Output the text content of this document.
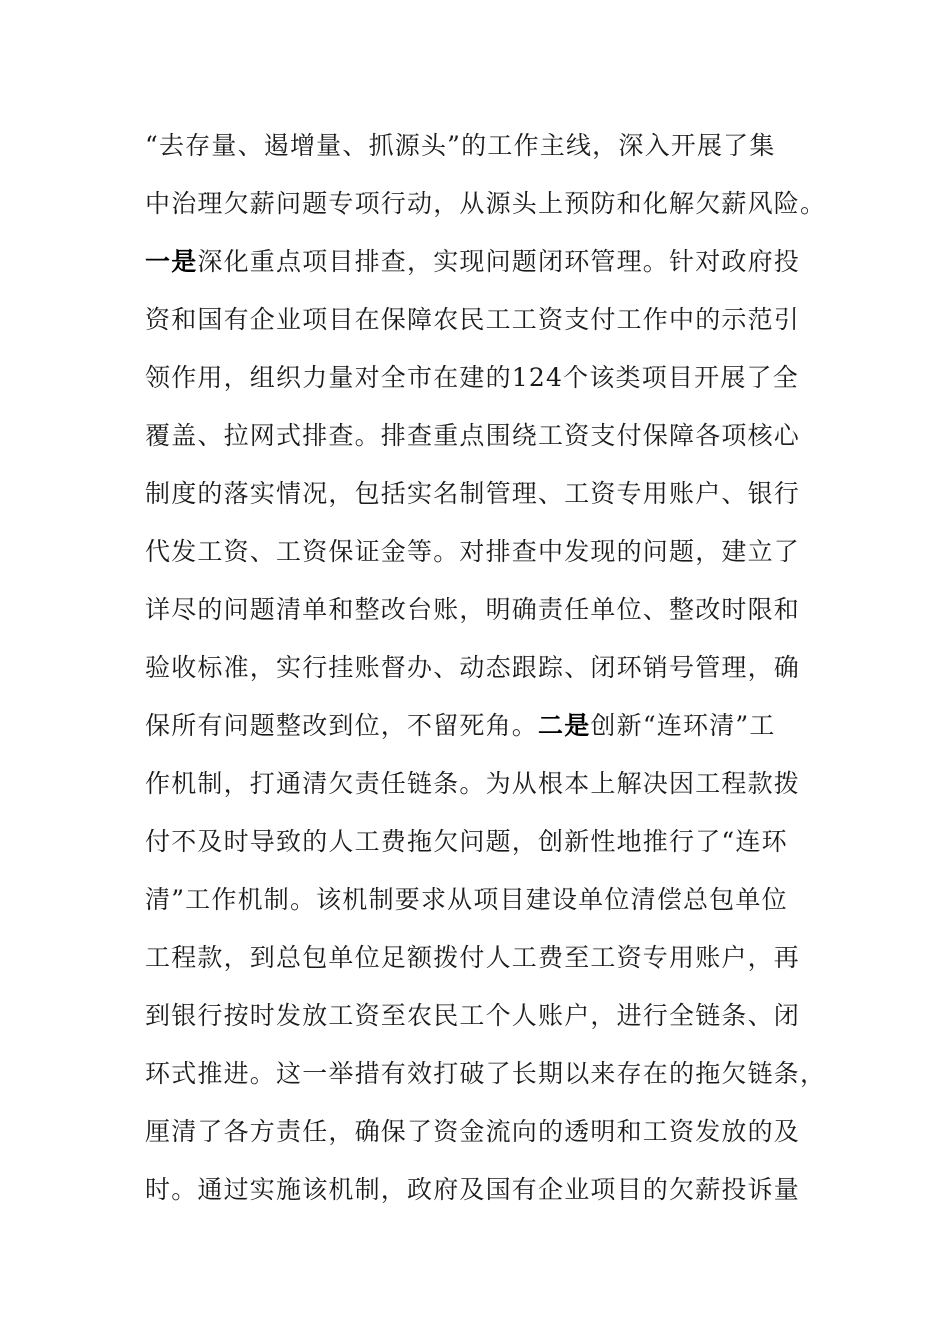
“去存量、遏增量、抓源头”的工作主线，深入开展了集
中治理欠薪问题专项行动，从源头上预防和化解欠薪风险。
一是深化重点项目排查，实现问题闭环管理。针对政府投
资和国有企业项目在保障农民工工资支付工作中的示范引
领作用，组织力量对全市在建的124个该类项目开展了全
覆盖、拉网式排查。排查重点围绕工资支付保障各项核心
制度的落实情况，包括实名制管理、工资专用账户、银行
代发工资、工资保证金等。对排查中发现的问题，建立了
详尽的问题清单和整改台账，明确责任单位、整改时限和
验收标准，实行挂账督办、动态跟踪、闭环销号管理，确
保所有问题整改到位，不留死角。二是创新“连环清”工
作机制，打通清欠责任链条。为从根本上解决因工程款拨
付不及时导致的人工费拖欠问题，创新性地推行了“连环
清”工作机制。该机制要求从项目建设单位清偿总包单位
工程款，到总包单位足额拨付人工费至工资专用账户，再
到银行按时发放工资至农民工个人账户，进行全链条、闭
环式推进。这一举措有效打破了长期以来存在的拖欠链条，
厘清了各方责任，确保了资金流向的透明和工资发放的及
时。通过实施该机制，政府及国有企业项目的欠薪投诉量
